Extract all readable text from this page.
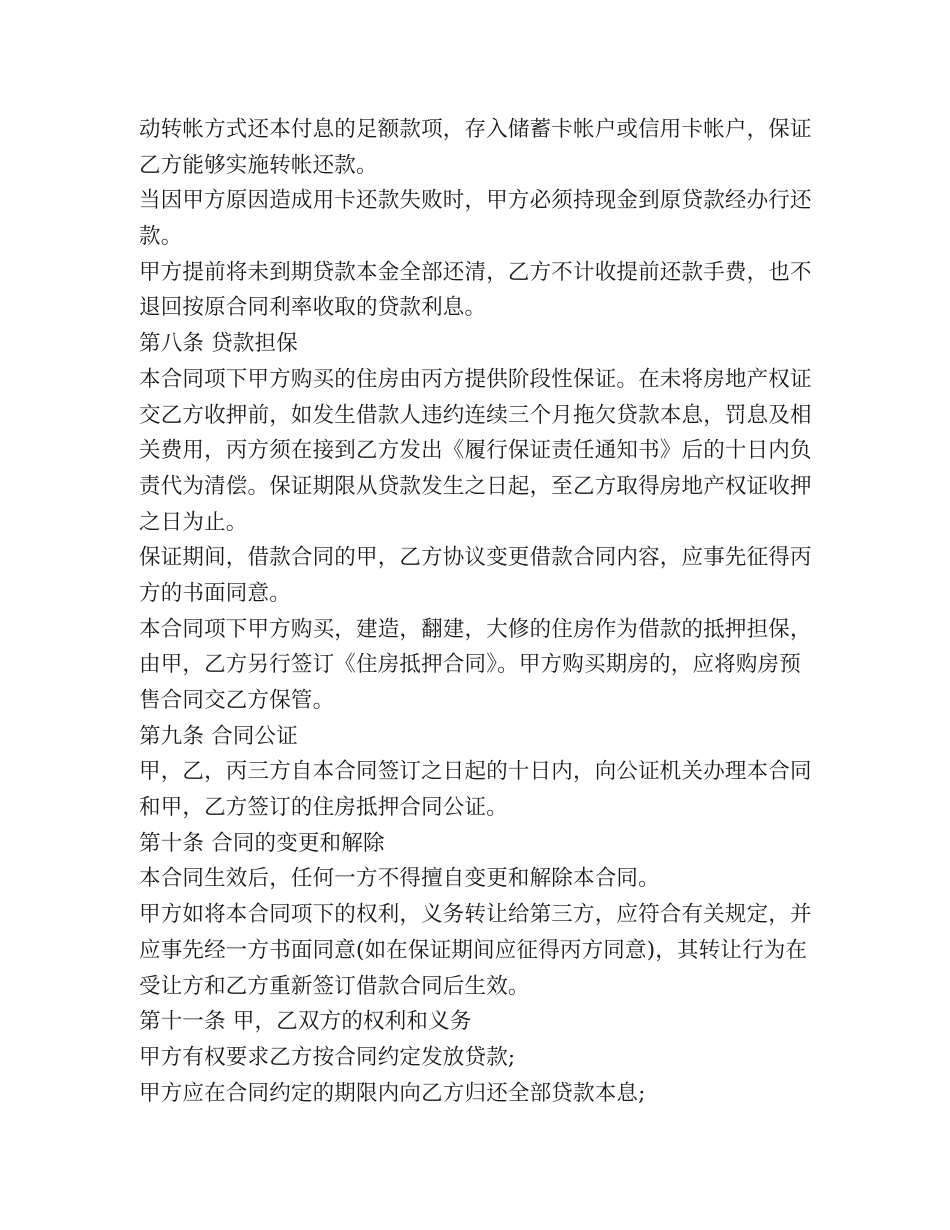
动转帐方式还本付息的足额款项，存入储蓄卡帐户或信用卡帐户，保证
乙方能够实施转帐还款。
当因甲方原因造成用卡还款失败时，甲方必须持现金到原贷款经办行还
款。
甲方提前将未到期贷款本金全部还清，乙方不计收提前还款手费，也不
退回按原合同利率收取的贷款利息。
第八条 贷款担保
本合同项下甲方购买的住房由丙方提供阶段性保证。在未将房地产权证
交乙方收押前，如发生借款人违约连续三个月拖欠贷款本息，罚息及相
关费用，丙方须在接到乙方发出《履行保证责任通知书》后的十日内负
责代为清偿。保证期限从贷款发生之日起，至乙方取得房地产权证收押
之日为止。
保证期间，借款合同的甲，乙方协议变更借款合同内容，应事先征得丙
方的书面同意。
本合同项下甲方购买，建造，翻建，大修的住房作为借款的抵押担保，
由甲，乙方另行签订《住房抵押合同》。甲方购买期房的，应将购房预
售合同交乙方保管。
第九条 合同公证
甲，乙，丙三方自本合同签订之日起的十日内，向公证机关办理本合同
和甲，乙方签订的住房抵押合同公证。
第十条 合同的变更和解除
本合同生效后，任何一方不得擅自变更和解除本合同。
甲方如将本合同项下的权利，义务转让给第三方，应符合有关规定，并
应事先经一方书面同意(如在保证期间应征得丙方同意)，其转让行为在
受让方和乙方重新签订借款合同后生效。
第十一条 甲，乙双方的权利和义务
甲方有权要求乙方按合同约定发放贷款;
甲方应在合同约定的期限内向乙方归还全部贷款本息;
